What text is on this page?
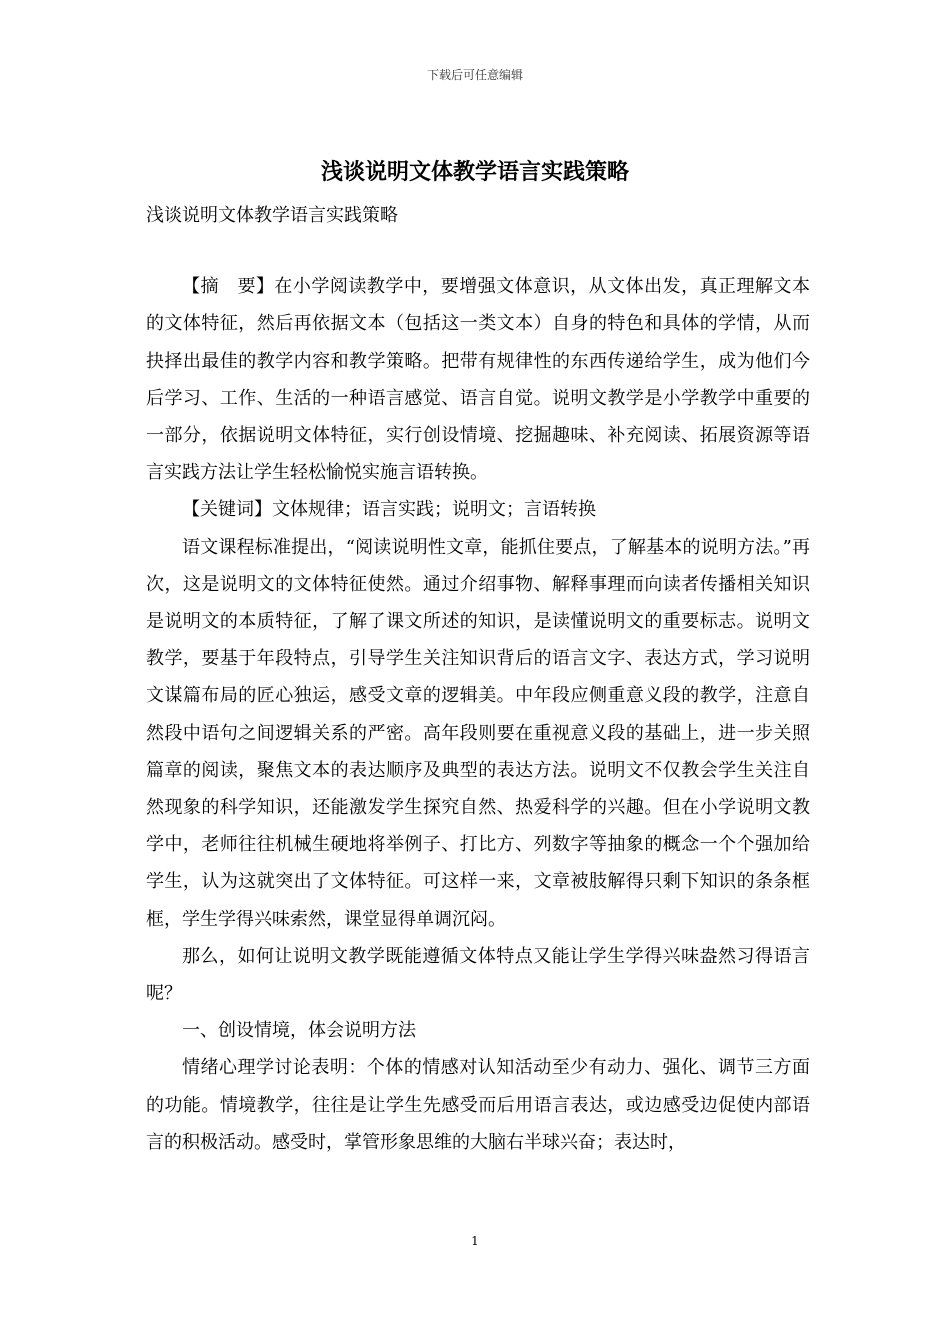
下载后可任意编辑
浅谈说明文体教学语言实践策略

浅谈说明文体教学语言实践策略

【摘　要】在小学阅读教学中，要增强文体意识，从文体出发，真正理解文本的文体特征，然后再依据文本（包括这一类文本）自身的特色和具体的学情，从而抉择出最佳的教学内容和教学策略。把带有规律性的东西传递给学生，成为他们今后学习、工作、生活的一种语言感觉、语言自觉。说明文教学是小学教学中重要的一部分，依据说明文体特征，实行创设情境、挖掘趣味、补充阅读、拓展资源等语言实践方法让学生轻松愉悦实施言语转换。

【关键词】文体规律；语言实践；说明文；言语转换

语文课程标准提出，“阅读说明性文章，能抓住要点，了解基本的说明方法。”再次，这是说明文的文体特征使然。通过介绍事物、解释事理而向读者传播相关知识是说明文的本质特征，了解了课文所述的知识，是读懂说明文的重要标志。说明文教学，要基于年段特点，引导学生关注知识背后的语言文字、表达方式，学习说明文谋篇布局的匠心独运，感受文章的逻辑美。中年段应侧重意义段的教学，注意自然段中语句之间逻辑关系的严密。高年段则要在重视意义段的基础上，进一步关照篇章的阅读，聚焦文本的表达顺序及典型的表达方法。说明文不仅教会学生关注自然现象的科学知识，还能激发学生探究自然、热爱科学的兴趣。但在小学说明文教学中，老师往往机械生硬地将举例子、打比方、列数字等抽象的概念一个个强加给学生，认为这就突出了文体特征。可这样一来，文章被肢解得只剩下知识的条条框框，学生学得兴味索然，课堂显得单调沉闷。

那么，如何让说明文教学既能遵循文体特点又能让学生学得兴味盎然习得语言呢？

一、创设情境，体会说明方法

情绪心理学讨论表明：个体的情感对认知活动至少有动力、强化、调节三方面的功能。情境教学，往往是让学生先感受而后用语言表达，或边感受边促使内部语言的积极活动。感受时，掌管形象思维的大脑右半球兴奋；表达时，

1
